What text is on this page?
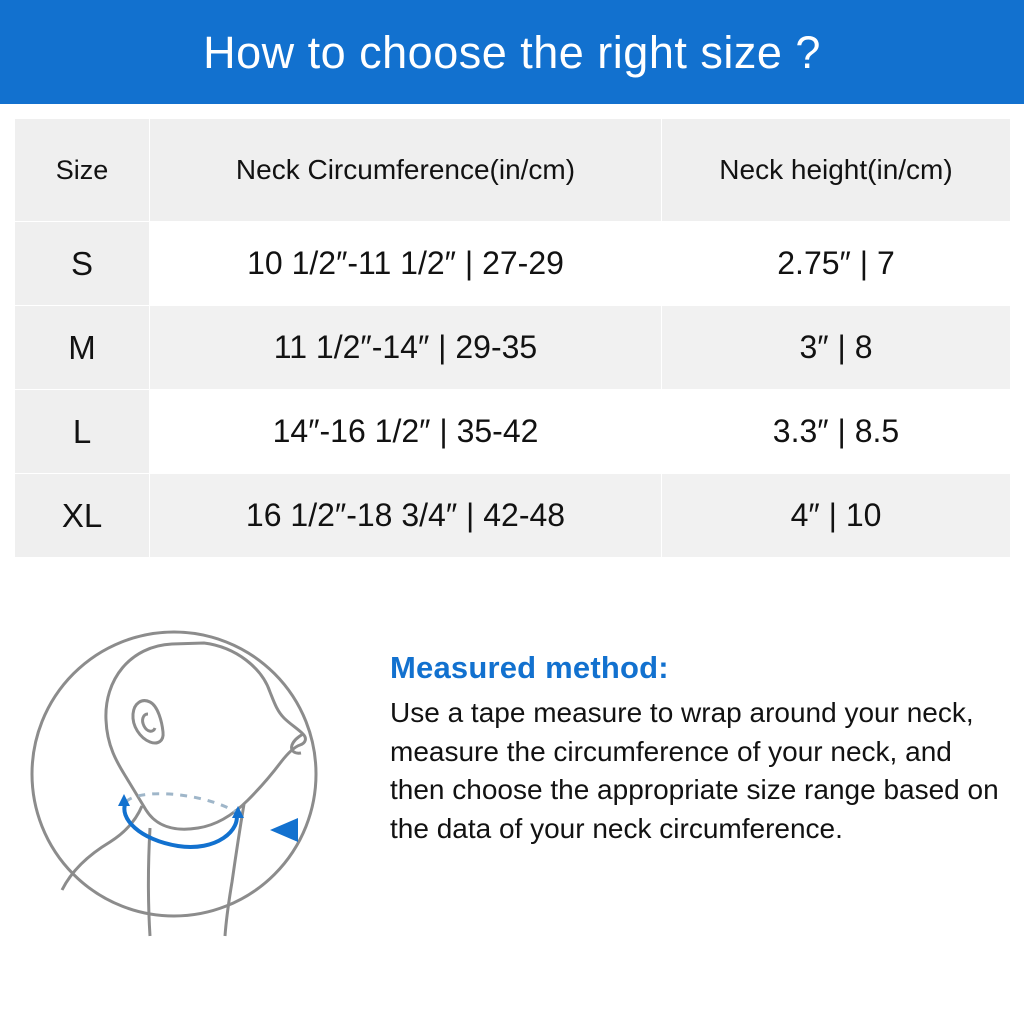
How to choose the right size ?
Size	Neck Circumference(in/cm)	Neck height(in/cm)
S	10 1/2″-11 1/2″ | 27-29	2.75″ | 7
M	11 1/2″-14″ | 29-35	3″ | 8
L	14″-16 1/2″ | 35-42	3.3″ | 8.5
XL	16 1/2″-18 3/4″ | 42-48	4″ | 10

Measured method:

Use a tape measure to wrap around your neck, measure the circumference of your neck, and then choose the appropriate size range based on the data of your neck circumference.
